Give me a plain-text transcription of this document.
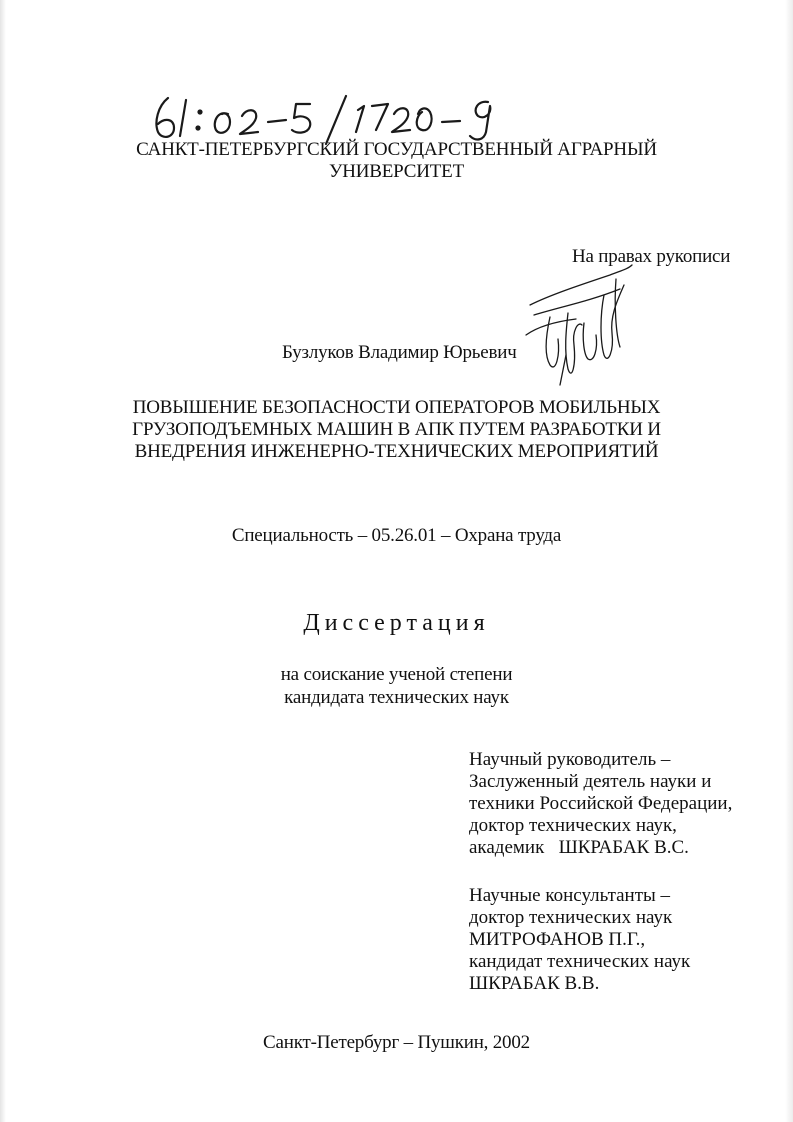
САНКТ-ПЕТЕРБУРГСКИЙ ГОСУДАРСТВЕННЫЙ АГРАРНЫЙ
УНИВЕРСИТЕТ
На правах рукописи
Бузлуков Владимир Юрьевич
ПОВЫШЕНИЕ БЕЗОПАСНОСТИ ОПЕРАТОРОВ МОБИЛЬНЫХ
ГРУЗОПОДЪЕМНЫХ МАШИН В АПК ПУТЕМ РАЗРАБОТКИ И
ВНЕДРЕНИЯ ИНЖЕНЕРНО-ТЕХНИЧЕСКИХ МЕРОПРИЯТИЙ
Специальность – 05.26.01 – Охрана труда
Диссертация
на соискание ученой степени
кандидата технических наук
Научный руководитель –
Заслуженный деятель науки и
техники Российской Федерации,
доктор технических наук,
академик   ШКРАБАК В.С.
Научные консультанты –
доктор технических наук
МИТРОФАНОВ П.Г.,
кандидат технических наук
ШКРАБАК В.В.
Санкт-Петербург – Пушкин, 2002
